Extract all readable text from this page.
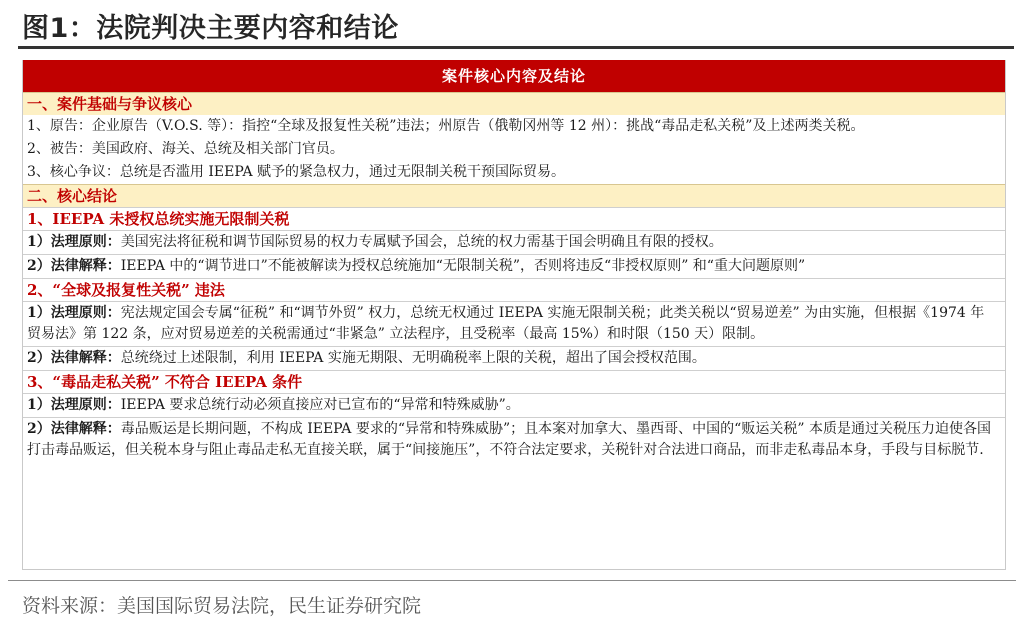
图1：法院判决主要内容和结论
案件核心内容及结论
一、案件基础与争议核心
1、原告：企业原告（V.O.S. 等）：指控“全球及报复性关税”违法；州原告（俄勒冈州等 12 州）：挑战“毒品走私关税”及上述两类关税。
2、被告：美国政府、海关、总统及相关部门官员。
3、核心争议：总统是否滥用 IEEPA 赋予的紧急权力，通过无限制关税干预国际贸易。
二、核心结论
1、IEEPA 未授权总统实施无限制关税
1）法理原则：美国宪法将征税和调节国际贸易的权力专属赋予国会，总统的权力需基于国会明确且有限的授权。
2）法律解释：IEEPA 中的“调节进口”不能被解读为授权总统施加“无限制关税”，否则将违反“非授权原则” 和“重大问题原则”
2、“全球及报复性关税” 违法
1）法理原则：宪法规定国会专属“征税” 和“调节外贸” 权力，总统无权通过 IEEPA 实施无限制关税；此类关税以“贸易逆差” 为由实施，但根据《1974 年贸易法》第 122 条，应对贸易逆差的关税需通过“非紧急” 立法程序，且受税率（最高 15%）和时限（150 天）限制。
2）法律解释：总统绕过上述限制，利用 IEEPA 实施无期限、无明确税率上限的关税，超出了国会授权范围。
3、“毒品走私关税” 不符合 IEEPA 条件
1）法理原则：IEEPA 要求总统行动必须直接应对已宣布的“异常和特殊威胁”。
2）法律解释：毒品贩运是长期问题，不构成 IEEPA 要求的“异常和特殊威胁”；且本案对加拿大、墨西哥、中国的“贩运关税” 本质是通过关税压力迫使各国打击毒品贩运，但关税本身与阻止毒品走私无直接关联，属于“间接施压”，不符合法定要求，关税针对合法进口商品，而非走私毒品本身，手段与目标脱节.
资料来源：美国国际贸易法院，民生证券研究院
